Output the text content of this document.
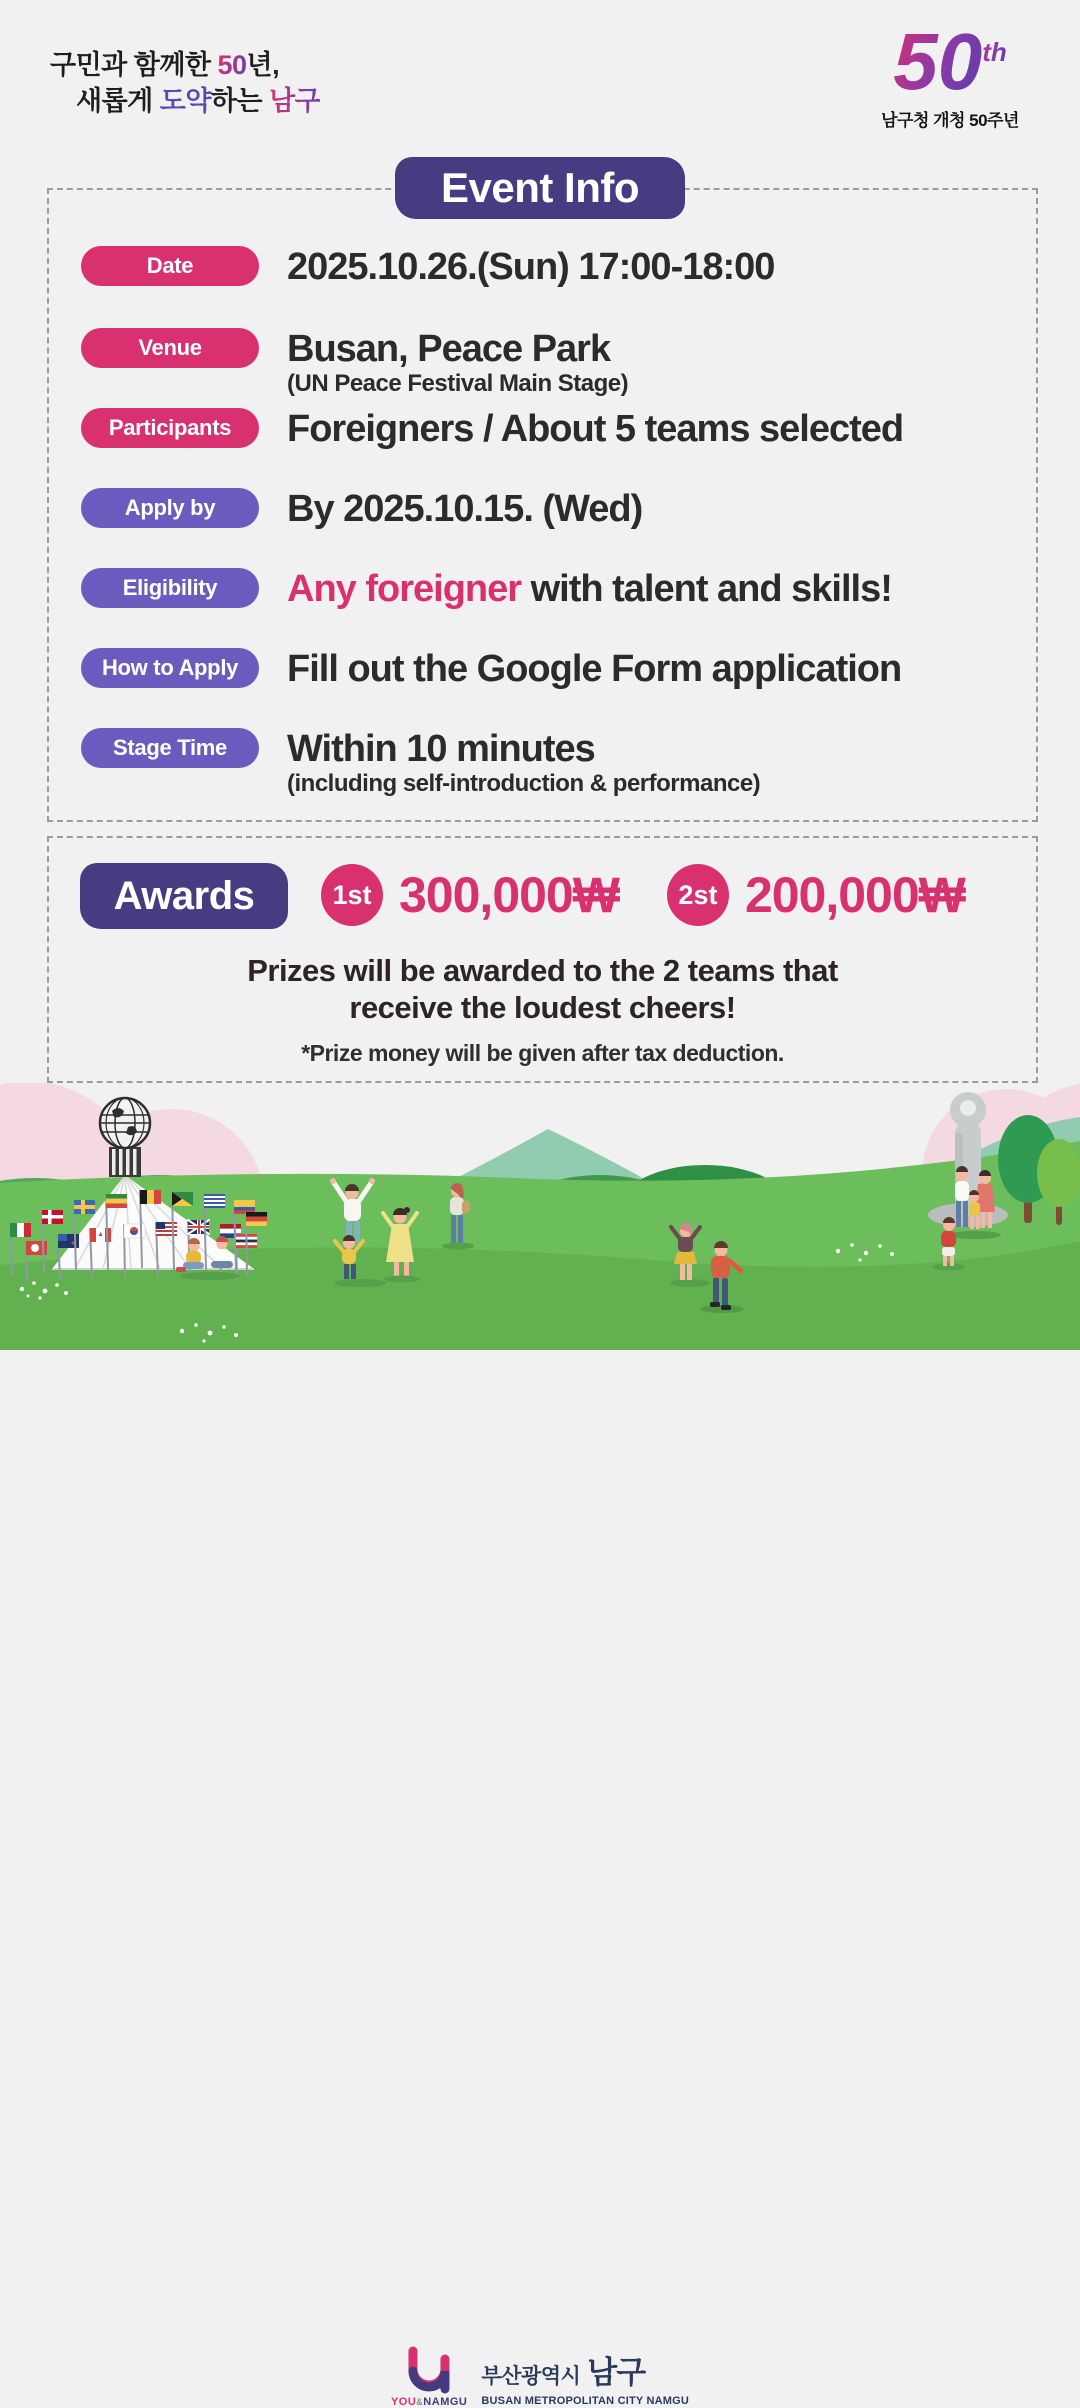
구민과 함께한 50년,
새롭게 도약하는 남구	50th
남구청 개청 50주년
Date	2025.10.26.(Sun) 17:00-18:00
Venue	Busan, Peace Park
(UN Peace Festival Main Stage)
Participants	Foreigners / About 5 teams selected
Apply by	By 2025.10.15. (Wed)
Eligibility	Any foreigner with talent and skills!
How to Apply	Fill out the Google Form application
Stage Time	Within 10 minutes
(including self-introduction & performance)
Event Info
Awards	1st 300,000₩	2st 200,000₩
Prizes will be awarded to the 2 teams that
receive the loudest cheers!
*Prize money will be given after tax deduction.
YOU&NAMGU
부산광역시 남구
BUSAN METROPOLITAN CITY NAMGU
